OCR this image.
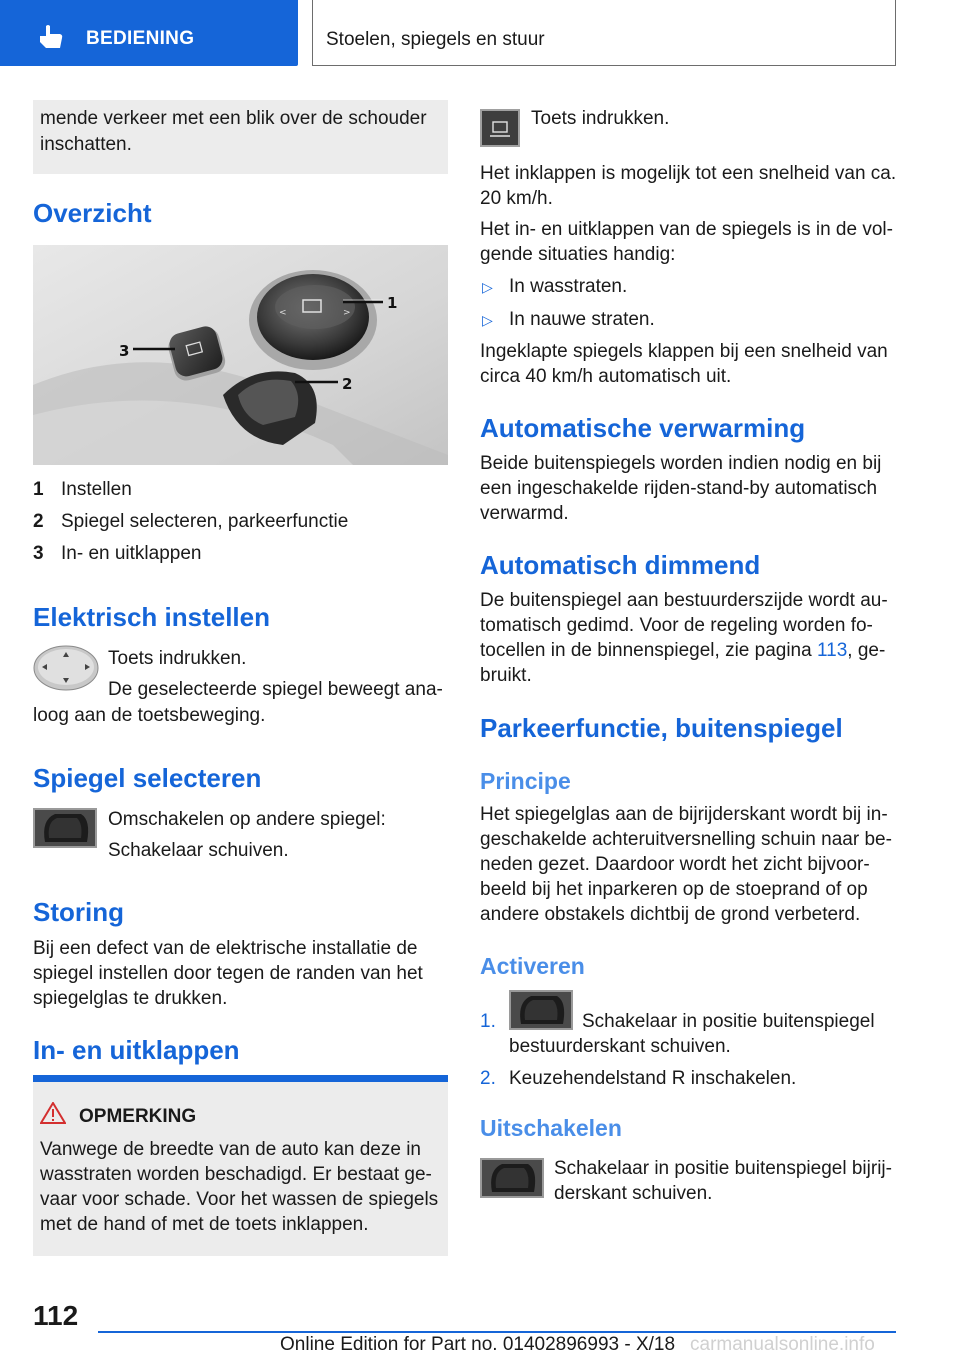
BEDIENING	Stoelen, spiegels en stuur
mende verkeer met een blik over de schouder
inschatten.
Overzicht
<	>
1
2
3
1 Instellen
2 Spiegel selecteren, parkeerfunctie
3 In- en uitklappen
Elektrisch instellen
Toets indrukken.
De geselecteerde spiegel beweegt ana-
loog aan de toetsbeweging.
Spiegel selecteren
Omschakelen op andere spiegel:
Schakelaar schuiven.
Storing
Bij een defect van de elektrische installatie de
spiegel instellen door tegen de randen van het
spiegelglas te drukken.
In- en uitklappen
OPMERKING
Vanwege de breedte van de auto kan deze in
wasstraten worden beschadigd. Er bestaat ge-
vaar voor schade. Voor het wassen de spiegels
met de hand of met de toets inklappen.
Toets indrukken.
Het inklappen is mogelijk tot een snelheid van ca.
20 km/h.
Het in- en uitklappen van de spiegels is in de vol-
gende situaties handig:
▷ In wasstraten.
▷ In nauwe straten.
Ingeklapte spiegels klappen bij een snelheid van
circa 40 km/h automatisch uit.
Automatische verwarming
Beide buitenspiegels worden indien nodig en bij
een ingeschakelde rijden-stand-by automatisch
verwarmd.
Automatisch dimmend
De buitenspiegel aan bestuurderszijde wordt au-
tomatisch gedimd. Voor de regeling worden fo-
tocellen in de binnenspiegel, zie pagina 113, ge-
bruikt.
Parkeerfunctie, buitenspiegel
Principe
Het spiegelglas aan de bijrijderskant wordt bij in-
geschakelde achteruitversnelling schuin naar be-
neden gezet. Daardoor wordt het zicht bijvoor-
beeld bij het inparkeren op de stoeprand of op
andere obstakels dichtbij de grond verbeterd.
Activeren
1.	Schakelaar in positie buitenspiegel
bestuurderskant schuiven.
2. Keuzehendelstand R inschakelen.
Uitschakelen
Schakelaar in positie buitenspiegel bijrij-
derskant schuiven.
112
Online Edition for Part no. 01402896993 - X/18 carmanualsonline.info
